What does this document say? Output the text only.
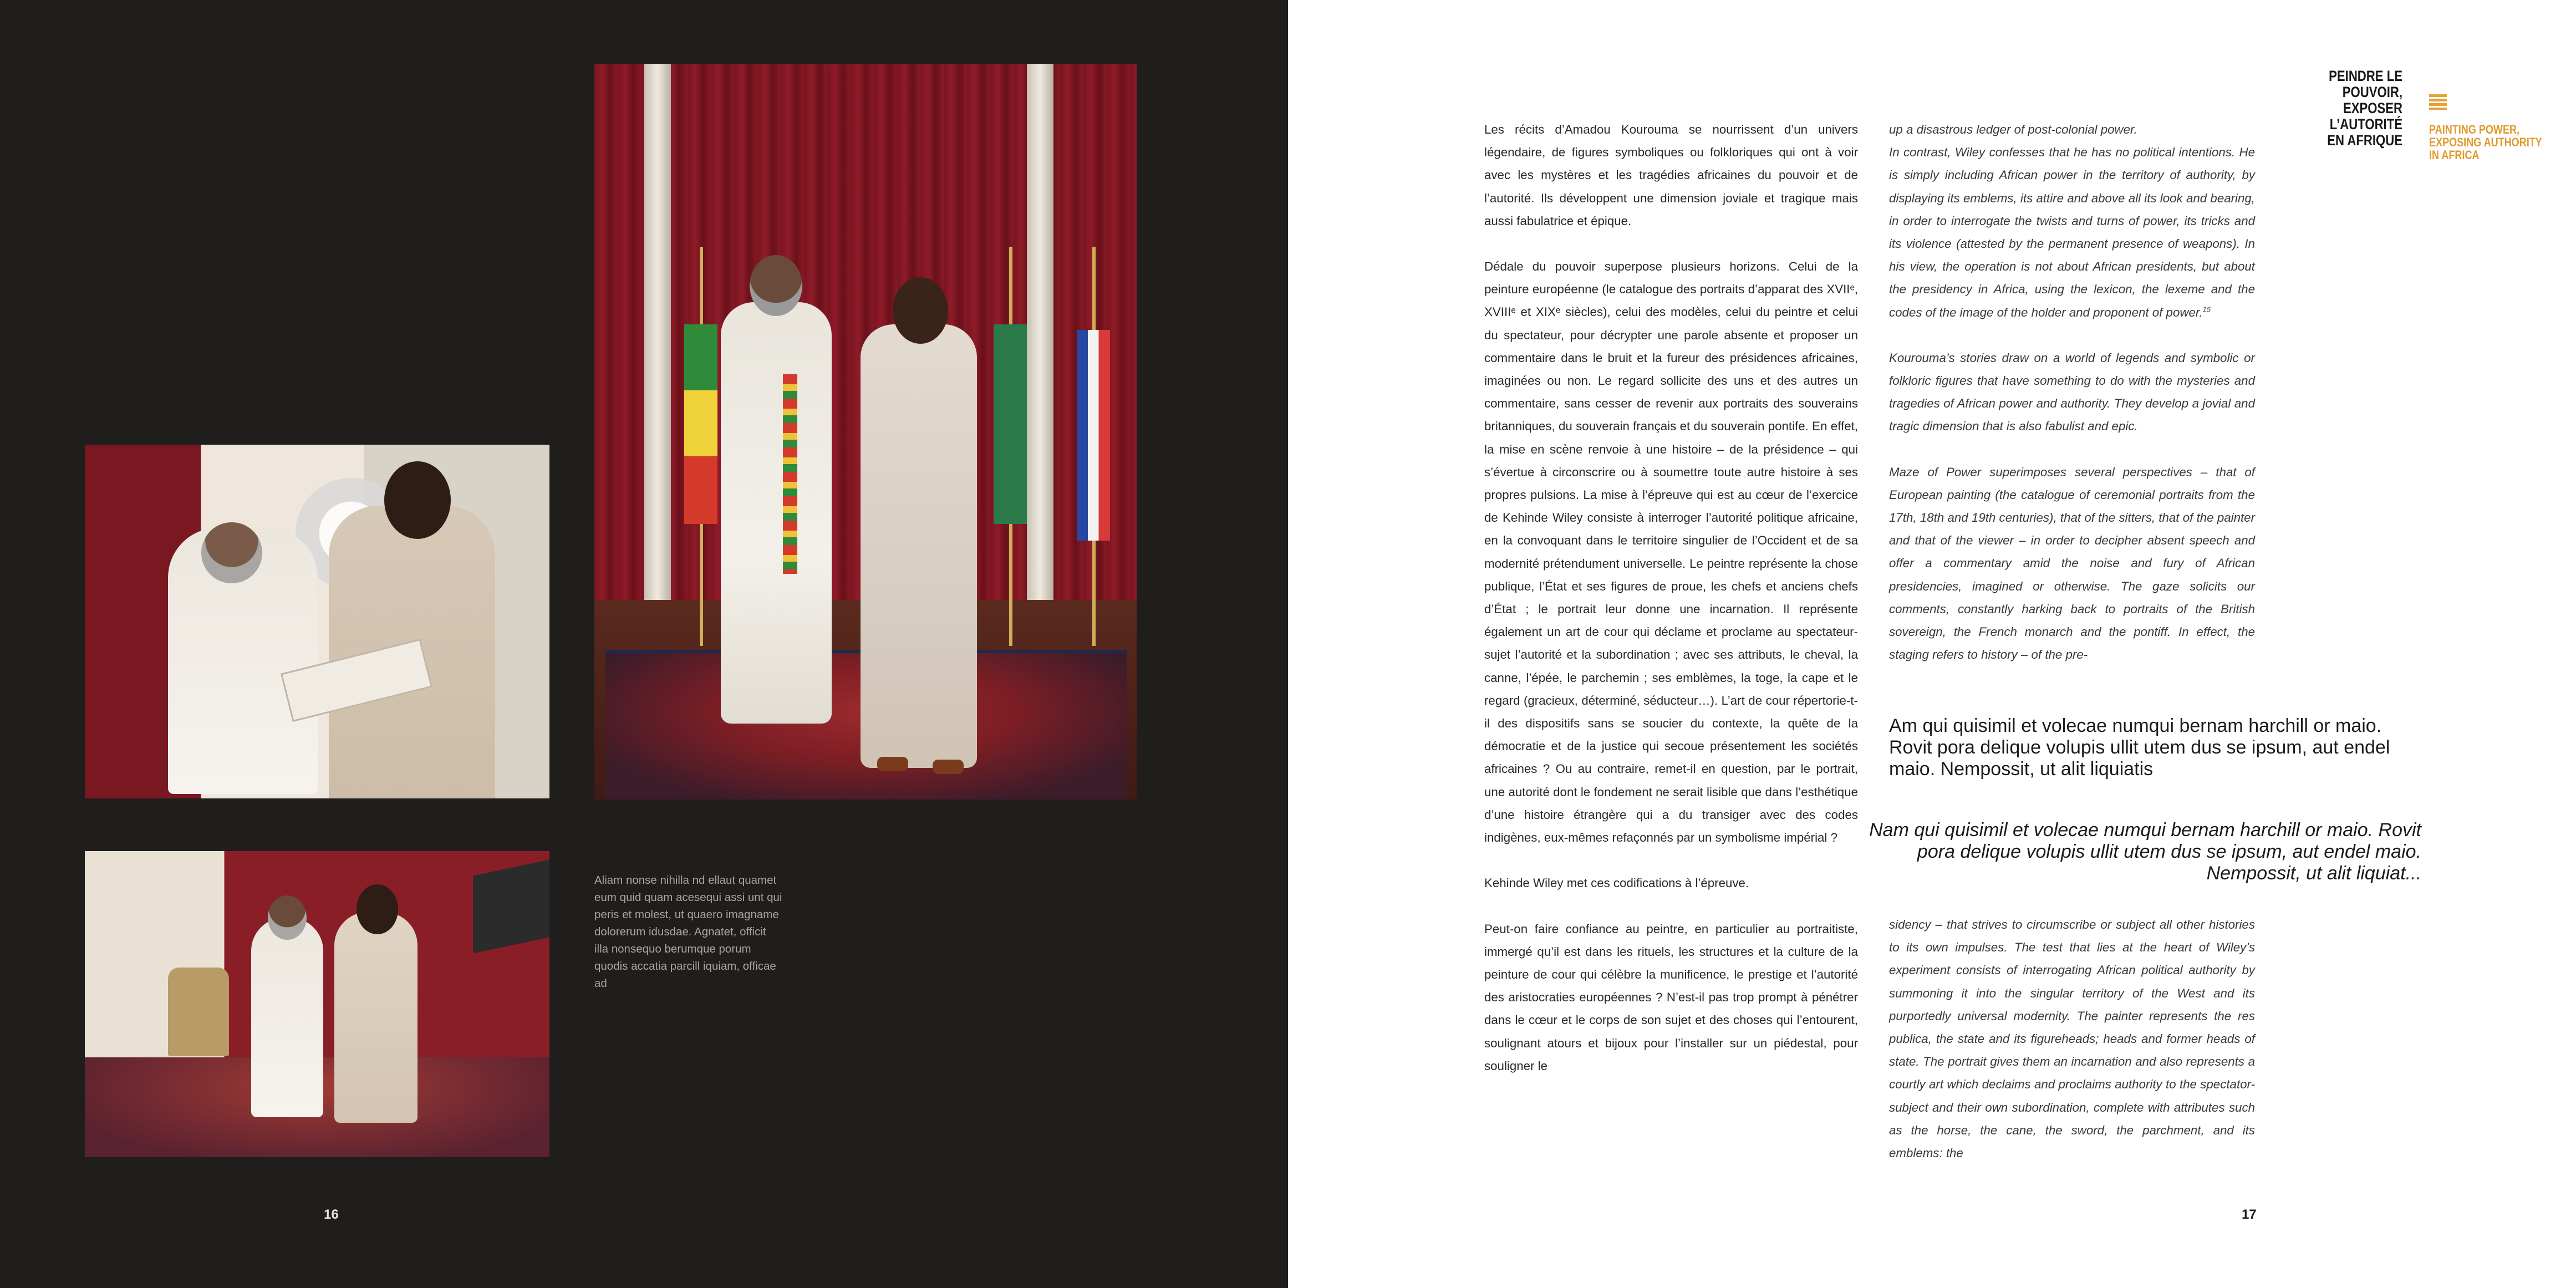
Aliam nonse nihilla nd ellaut quamet eum quid quam acesequi assi unt qui peris et molest, ut quaero imagname dolorerum idusdae. Agnatet, officit illa nonsequo berumque porum quodis accatia parcill iquiam, officae ad
16
PEINDRE LE POUVOIR,
EXPOSER L’AUTORITÉ
EN AFRIQUE
PAINTING POWER,
EXPOSING AUTHORITY
IN AFRICA

Les récits d’Amadou Kourouma se nourrissent d’un univers légendaire, de figures symboliques ou folkloriques qui ont à voir avec les mystères et les tragédies africaines du pouvoir et de l’autorité. Ils développent une dimension joviale et tragique mais aussi fabulatrice et épique.

Dédale du pouvoir superpose plusieurs horizons. Celui de la peinture européenne (le catalogue des portraits d’apparat des XVIIᵉ, XVIIIᵉ et XIXᵉ siècles), celui des modèles, celui du peintre et celui du spectateur, pour décrypter une parole absente et proposer un commentaire dans le bruit et la fureur des présidences africaines, imaginées ou non. Le regard sollicite des uns et des autres un commentaire, sans cesser de revenir aux portraits des souverains britanniques, du souverain français et du souverain pontife. En effet, la mise en scène renvoie à une histoire – de la présidence – qui s’évertue à circonscrire ou à soumettre toute autre histoire à ses propres pulsions. La mise à l’épreuve qui est au cœur de l’exercice de Kehinde Wiley consiste à interroger l’autorité politique africaine, en la convoquant dans le territoire singulier de l’Occident et de sa modernité prétendument universelle. Le peintre représente la chose publique, l’État et ses figures de proue, les chefs et anciens chefs d’État ; le portrait leur donne une incarnation. Il représente également un art de cour qui déclame et proclame au spectateur-sujet l’autorité et la subordination ; avec ses attributs, le cheval, la canne, l’épée, le parchemin ; ses emblèmes, la toge, la cape et le regard (gracieux, déterminé, séducteur…). L’art de cour répertorie-t-il des dispositifs sans se soucier du contexte, la quête de la démocratie et de la justice qui secoue présentement les sociétés africaines ? Ou au contraire, remet-il en question, par le portrait, une autorité dont le fondement ne serait lisible que dans l’esthétique d’une histoire étrangère qui a du transiger avec des codes indigènes, eux-mêmes refaçonnés par un symbolisme impérial ?

Kehinde Wiley met ces codifications à l’épreuve.

Peut-on faire confiance au peintre, en particulier au portraitiste, immergé qu’il est dans les rituels, les structures et la culture de la peinture de cour qui célèbre la munificence, le prestige et l’autorité des aristocraties européennes ? N’est-il pas trop prompt à pénétrer dans le cœur et le corps de son sujet et des choses qui l’entourent, soulignant atours et bijoux pour l’installer sur un piédestal, pour souligner le

up a disastrous ledger of post-colonial power.

In contrast, Wiley confesses that he has no political intentions. He is simply including African power in the territory of authority, by displaying its emblems, its attire and above all its look and bearing, in order to interrogate the twists and turns of power, its tricks and its violence (attested by the permanent presence of weapons). In his view, the operation is not about African presidents, but about the presidency in Africa, using the lexicon, the lexeme and the codes of the image of the holder and proponent of power.$^{15}$

Kourouma’s stories draw on a world of legends and symbolic or folkloric figures that have something to do with the mysteries and tragedies of African power and authority. They develop a jovial and tragic dimension that is also fabulist and epic.

Maze of Power superimposes several perspectives – that of European painting (the catalogue of ceremonial portraits from the 17th, 18th and 19th centuries), that of the sitters, that of the painter and that of the viewer – in order to decipher absent speech and offer a commentary amid the noise and fury of African presidencies, imagined or otherwise. The gaze solicits our comments, constantly harking back to portraits of the British sovereign, the French monarch and the pontiff. In effect, the staging refers to history – of the pre-

Am qui quisimil et volecae numqui bernam harchill or maio. Rovit pora delique volupis ullit utem dus se ipsum, aut endel maio. Nempossit, ut alit liquiatis
Nam qui quisimil et volecae numqui bernam harchill or maio. Rovit pora delique volupis ullit utem dus se ipsum, aut endel maio. Nempossit, ut alit liquiat...

sidency – that strives to circumscribe or subject all other histories to its own impulses. The test that lies at the heart of Wiley’s experiment consists of interrogating African political authority by summoning it into the singular territory of the West and its purportedly universal modernity. The painter represents the res publica, the state and its figureheads; heads and former heads of state. The portrait gives them an incarnation and also represents a courtly art which declaims and proclaims authority to the spectator-subject and their own subordination, complete with attributes such as the horse, the cane, the sword, the parchment, and its emblems: the

17
